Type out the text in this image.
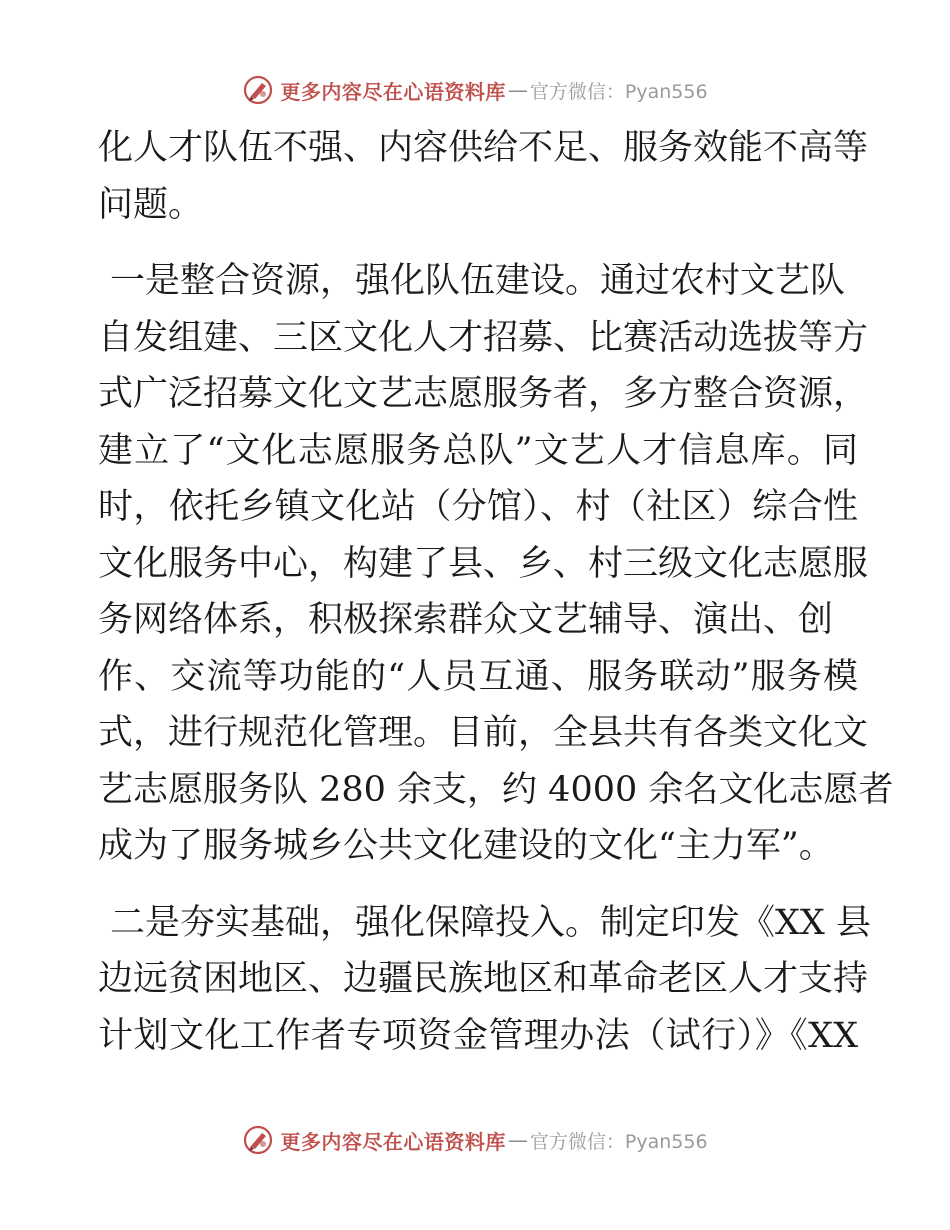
更多内容尽在心语资料库 — 官方微信：Pyan556
化人才队伍不强、内容供给不足、服务效能不高等
问题。
一是整合资源，强化队伍建设。通过农村文艺队
自发组建、三区文化人才招募、比赛活动选拔等方
式广泛招募文化文艺志愿服务者，多方整合资源，
建立了“文化志愿服务总队”文艺人才信息库。同
时，依托乡镇文化站（分馆）、村（社区）综合性
文化服务中心，构建了县、乡、村三级文化志愿服
务网络体系，积极探索群众文艺辅导、演出、创
作、交流等功能的“人员互通、服务联动”服务模
式，进行规范化管理。目前，全县共有各类文化文
艺志愿服务队 280 余支，约 4000 余名文化志愿者
成为了服务城乡公共文化建设的文化“主力军”。
二是夯实基础，强化保障投入。制定印发《XX 县
边远贫困地区、边疆民族地区和革命老区人才支持
计划文化工作者专项资金管理办法（试行）》《XX
更多内容尽在心语资料库 — 官方微信：Pyan556
